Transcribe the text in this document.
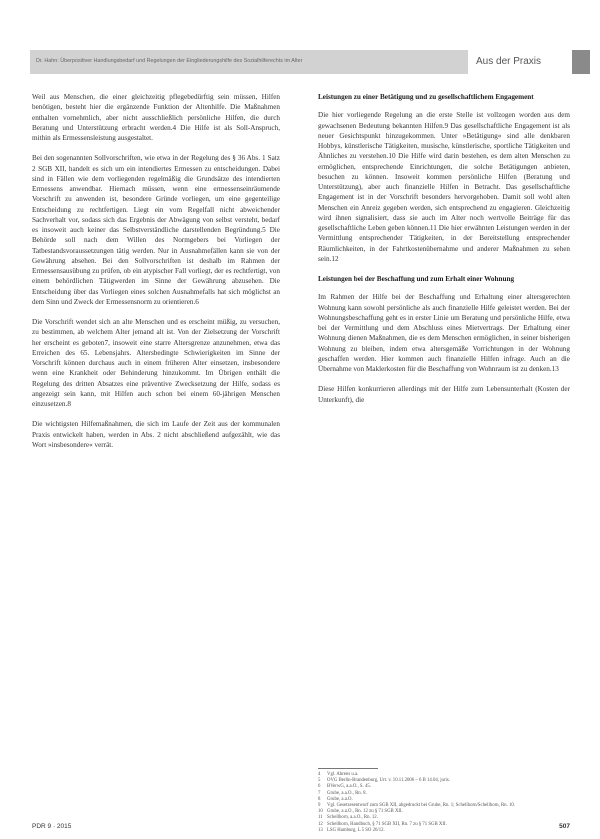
Dr. Hahn: Überpositiver Handlungsbedarf und Regelungen der Eingliederungshilfe des Sozialhilferechts im Alter	Aus der Praxis

Weil aus Menschen, die einer gleichzeitig pflegebedürftig sein müssen, Hilfen benötigen, besteht hier die ergänzende Funktion der Altenhilfe. Die Maßnahmen enthalten vornehmlich, aber nicht ausschließlich persönliche Hilfen, die durch Beratung und Unterstützung erbracht werden.4 Die Hilfe ist als Soll-Anspruch, mithin als Ermessensleistung ausgestaltet.

Bei den sogenannten Sollvorschriften, wie etwa in der Regelung des § 36 Abs. 1 Satz 2 SGB XII, handelt es sich um ein intendiertes Ermessen zu entscheidungen. Dabei sind in Fällen wie dem vorliegenden regelmäßig die Grundsätze des intendierten Ermessens anwendbar. Hiernach müssen, wenn eine ermessenseinräumende Vorschrift zu anwenden ist, besondere Gründe vorliegen, um eine gegenteilige Entscheidung zu rechtfertigen. Liegt ein vom Regelfall nicht abweichender Sachverhalt vor, sodass sich das Ergebnis der Abwägung von selbst versteht, bedarf es insoweit auch keiner das Selbstverständliche darstellenden Begründung.5 Die Behörde soll nach dem Willen des Normgebers bei Vorliegen der Tatbestandsvoraussetzungen tätig werden. Nur in Ausnahmefällen kann sie von der Gewährung absehen. Bei den Sollvorschriften ist deshalb im Rahmen der Ermessensausübung zu prüfen, ob ein atypischer Fall vorliegt, der es rechtfertigt, von einem behördlichen Tätigwerden im Sinne der Gewährung abzusehen. Die Entscheidung über das Vorliegen eines solchen Ausnahmefalls hat sich möglichst an dem Sinn und Zweck der Ermessensnorm zu orientieren.6

Die Vorschrift wendet sich an alte Menschen und es erscheint müßig, zu versuchen, zu bestimmen, ab welchem Alter jemand alt ist. Von der Zielsetzung der Vorschrift her erscheint es geboten7, insoweit eine starre Altersgrenze anzunehmen, etwa das Erreichen des 65. Lebensjahrs. Altersbedingte Schwierigkeiten im Sinne der Vorschrift können durchaus auch in einem früheren Alter einsetzen, insbesondere wenn eine Krankheit oder Behinderung hinzukommt. Im Übrigen enthält die Regelung des dritten Absatzes eine präventive Zwecksetzung der Hilfe, sodass es angezeigt sein kann, mit Hilfen auch schon bei einem 60-jährigen Menschen einzusetzen.8

Die wichtigsten Hilfemaßnahmen, die sich im Laufe der Zeit aus der kommunalen Praxis entwickelt haben, werden in Abs. 2 nicht abschließend aufgezählt, wie das Wort »insbesondere« verrät.

Leistungen zu einer Betätigung und zu gesellschaftlichem Engagement

Die hier vorliegende Regelung an die erste Stelle ist vollzogen worden aus dem gewachsenen Bedeutung bekannten Hilfen.9 Das gesellschaftliche Engagement ist als neuer Gesichtspunkt hinzugekommen. Unter »Betätigung« sind alle denkbaren Hobbys, künstlerische Tätigkeiten, musische, künstlerische, sportliche Tätigkeiten und Ähnliches zu verstehen.10 Die Hilfe wird darin bestehen, es dem alten Menschen zu ermöglichen, entsprechende Einrichtungen, die solche Betätigungen anbieten, besuchen zu können. Insoweit kommen persönliche Hilfen (Beratung und Unterstützung), aber auch finanzielle Hilfen in Betracht. Das gesellschaftliche Engagement ist in der Vorschrift besonders hervorgehoben. Damit soll wohl alten Menschen ein Anreiz gegeben werden, sich entsprechend zu engagieren. Gleichzeitig wird ihnen signalisiert, dass sie auch im Alter noch wertvolle Beiträge für das gesellschaftliche Leben geben können.11 Die hier erwähnten Leistungen werden in der Vermittlung entsprechender Tätigkeiten, in der Bereitstellung entsprechender Räumlichkeiten, in der Fahrtkostenübernahme und anderer Maßnahmen zu sehen sein.12

Leistungen bei der Beschaffung und zum Erhalt einer Wohnung

Im Rahmen der Hilfe bei der Beschaffung und Erhaltung einer altersgerechten Wohnung kann sowohl persönliche als auch finanzielle Hilfe geleistet werden. Bei der Wohnungsbeschaffung geht es in erster Linie um Beratung und persönliche Hilfe, etwa bei der Vermittlung und dem Abschluss eines Mietvertrags. Der Erhaltung einer Wohnung dienen Maßnahmen, die es dem Menschen ermöglichen, in seiner bisherigen Wohnung zu bleiben, indem etwa altersgemäße Vorrichtungen in der Wohnung geschaffen werden. Hier kommen auch finanzielle Hilfen infrage. Auch an die Übernahme von Maklerkosten für die Beschaffung von Wohnraum ist zu denken.13

Diese Hilfen konkurrieren allerdings mit der Hilfe zum Lebensunterhalt (Kosten der Unterkunft), die

4	Vgl. Ahrens u.a.
5	OVG Berlin-Brandenburg, Urt. v. 10.11.2006 – 6 B 14.04, juris.
6	BVerwG, a.a.O., S. 45.
7	Grube, a.a.O., Rn. 8.
8	Grube, a.a.O.
9	Vgl. Gesetzesentwurf zum SGB XII, abgedruckt bei Grube, Rn. 1; Schellhorn/Schellhorn, Rn. 10.
10 Grube, a.a.O., Rn. 12 zu § 71 SGB XII.
11 Schellhorn, a.a.O., Rn. 12.
12 Schellhorn, Handbuch, § 71 SGB XII, Rn. 7 zu § 71 SGB XII.
13 LSG Hamburg, L 5 SO 26/12.
PDR 9 · 2015	507
